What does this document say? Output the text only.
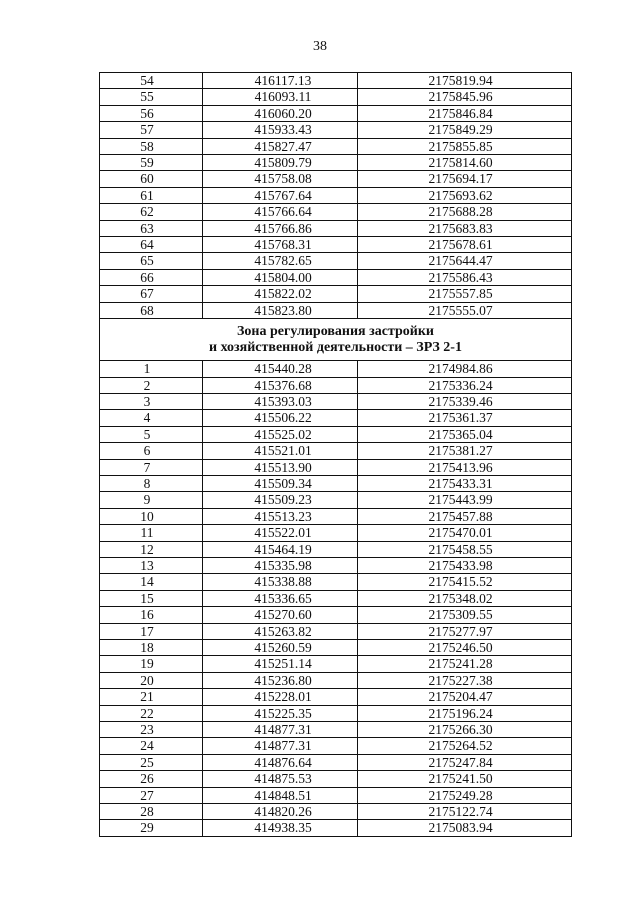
38
54	416117.13	2175819.94
55	416093.11	2175845.96
56	416060.20	2175846.84
57	415933.43	2175849.29
58	415827.47	2175855.85
59	415809.79	2175814.60
60	415758.08	2175694.17
61	415767.64	2175693.62
62	415766.64	2175688.28
63	415766.86	2175683.83
64	415768.31	2175678.61
65	415782.65	2175644.47
66	415804.00	2175586.43
67	415822.02	2175557.85
68	415823.80	2175555.07

Зона регулирования застройки
и хозяйственной деятельности – ЗРЗ 2-1		

1	415440.28	2174984.86
2	415376.68	2175336.24
3	415393.03	2175339.46
4	415506.22	2175361.37
5	415525.02	2175365.04
6	415521.01	2175381.27
7	415513.90	2175413.96
8	415509.34	2175433.31
9	415509.23	2175443.99
10	415513.23	2175457.88
11	415522.01	2175470.01
12	415464.19	2175458.55
13	415335.98	2175433.98
14	415338.88	2175415.52
15	415336.65	2175348.02
16	415270.60	2175309.55
17	415263.82	2175277.97
18	415260.59	2175246.50
19	415251.14	2175241.28
20	415236.80	2175227.38
21	415228.01	2175204.47
22	415225.35	2175196.24
23	414877.31	2175266.30
24	414877.31	2175264.52
25	414876.64	2175247.84
26	414875.53	2175241.50
27	414848.51	2175249.28
28	414820.26	2175122.74
29	414938.35	2175083.94
